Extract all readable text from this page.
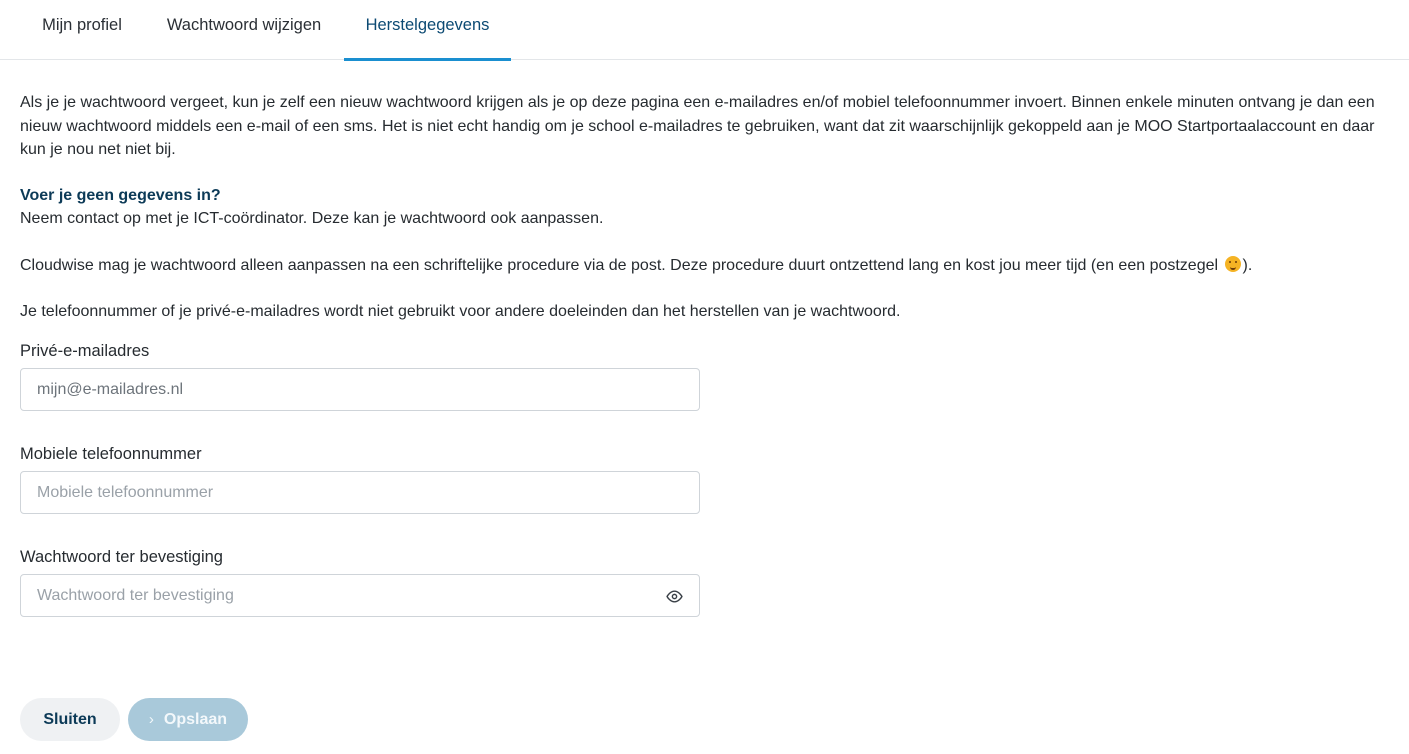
Mijn profiel	Wachtwoord wijzigen	Herstelgegevens

Als je je wachtwoord vergeet, kun je zelf een nieuw wachtwoord krijgen als je op deze pagina een e-mailadres en/of mobiel telefoonnummer invoert. Binnen enkele minuten ontvang je dan een nieuw wachtwoord middels een e-mail of een sms. Het is niet echt handig om je school e-mailadres te gebruiken, want dat zit waarschijnlijk gekoppeld aan je MOO Startportaalaccount en daar kun je nou net niet bij.

Voer je geen gegevens in?

Neem contact op met je ICT-coördinator. Deze kan je wachtwoord ook aanpassen.

Cloudwise mag je wachtwoord alleen aanpassen na een schriftelijke procedure via de post. Deze procedure duurt ontzettend lang en kost jou meer tijd (en een postzegel ).

Je telefoonnummer of je privé-e-mailadres wordt niet gebruikt voor andere doeleinden dan het herstellen van je wachtwoord.

Privé-e-mailadres
mijn@e-mailadres.nl
Mobiele telefoonnummer
Mobiele telefoonnummer
Wachtwoord ter bevestiging
Sluiten	› Opslaan
